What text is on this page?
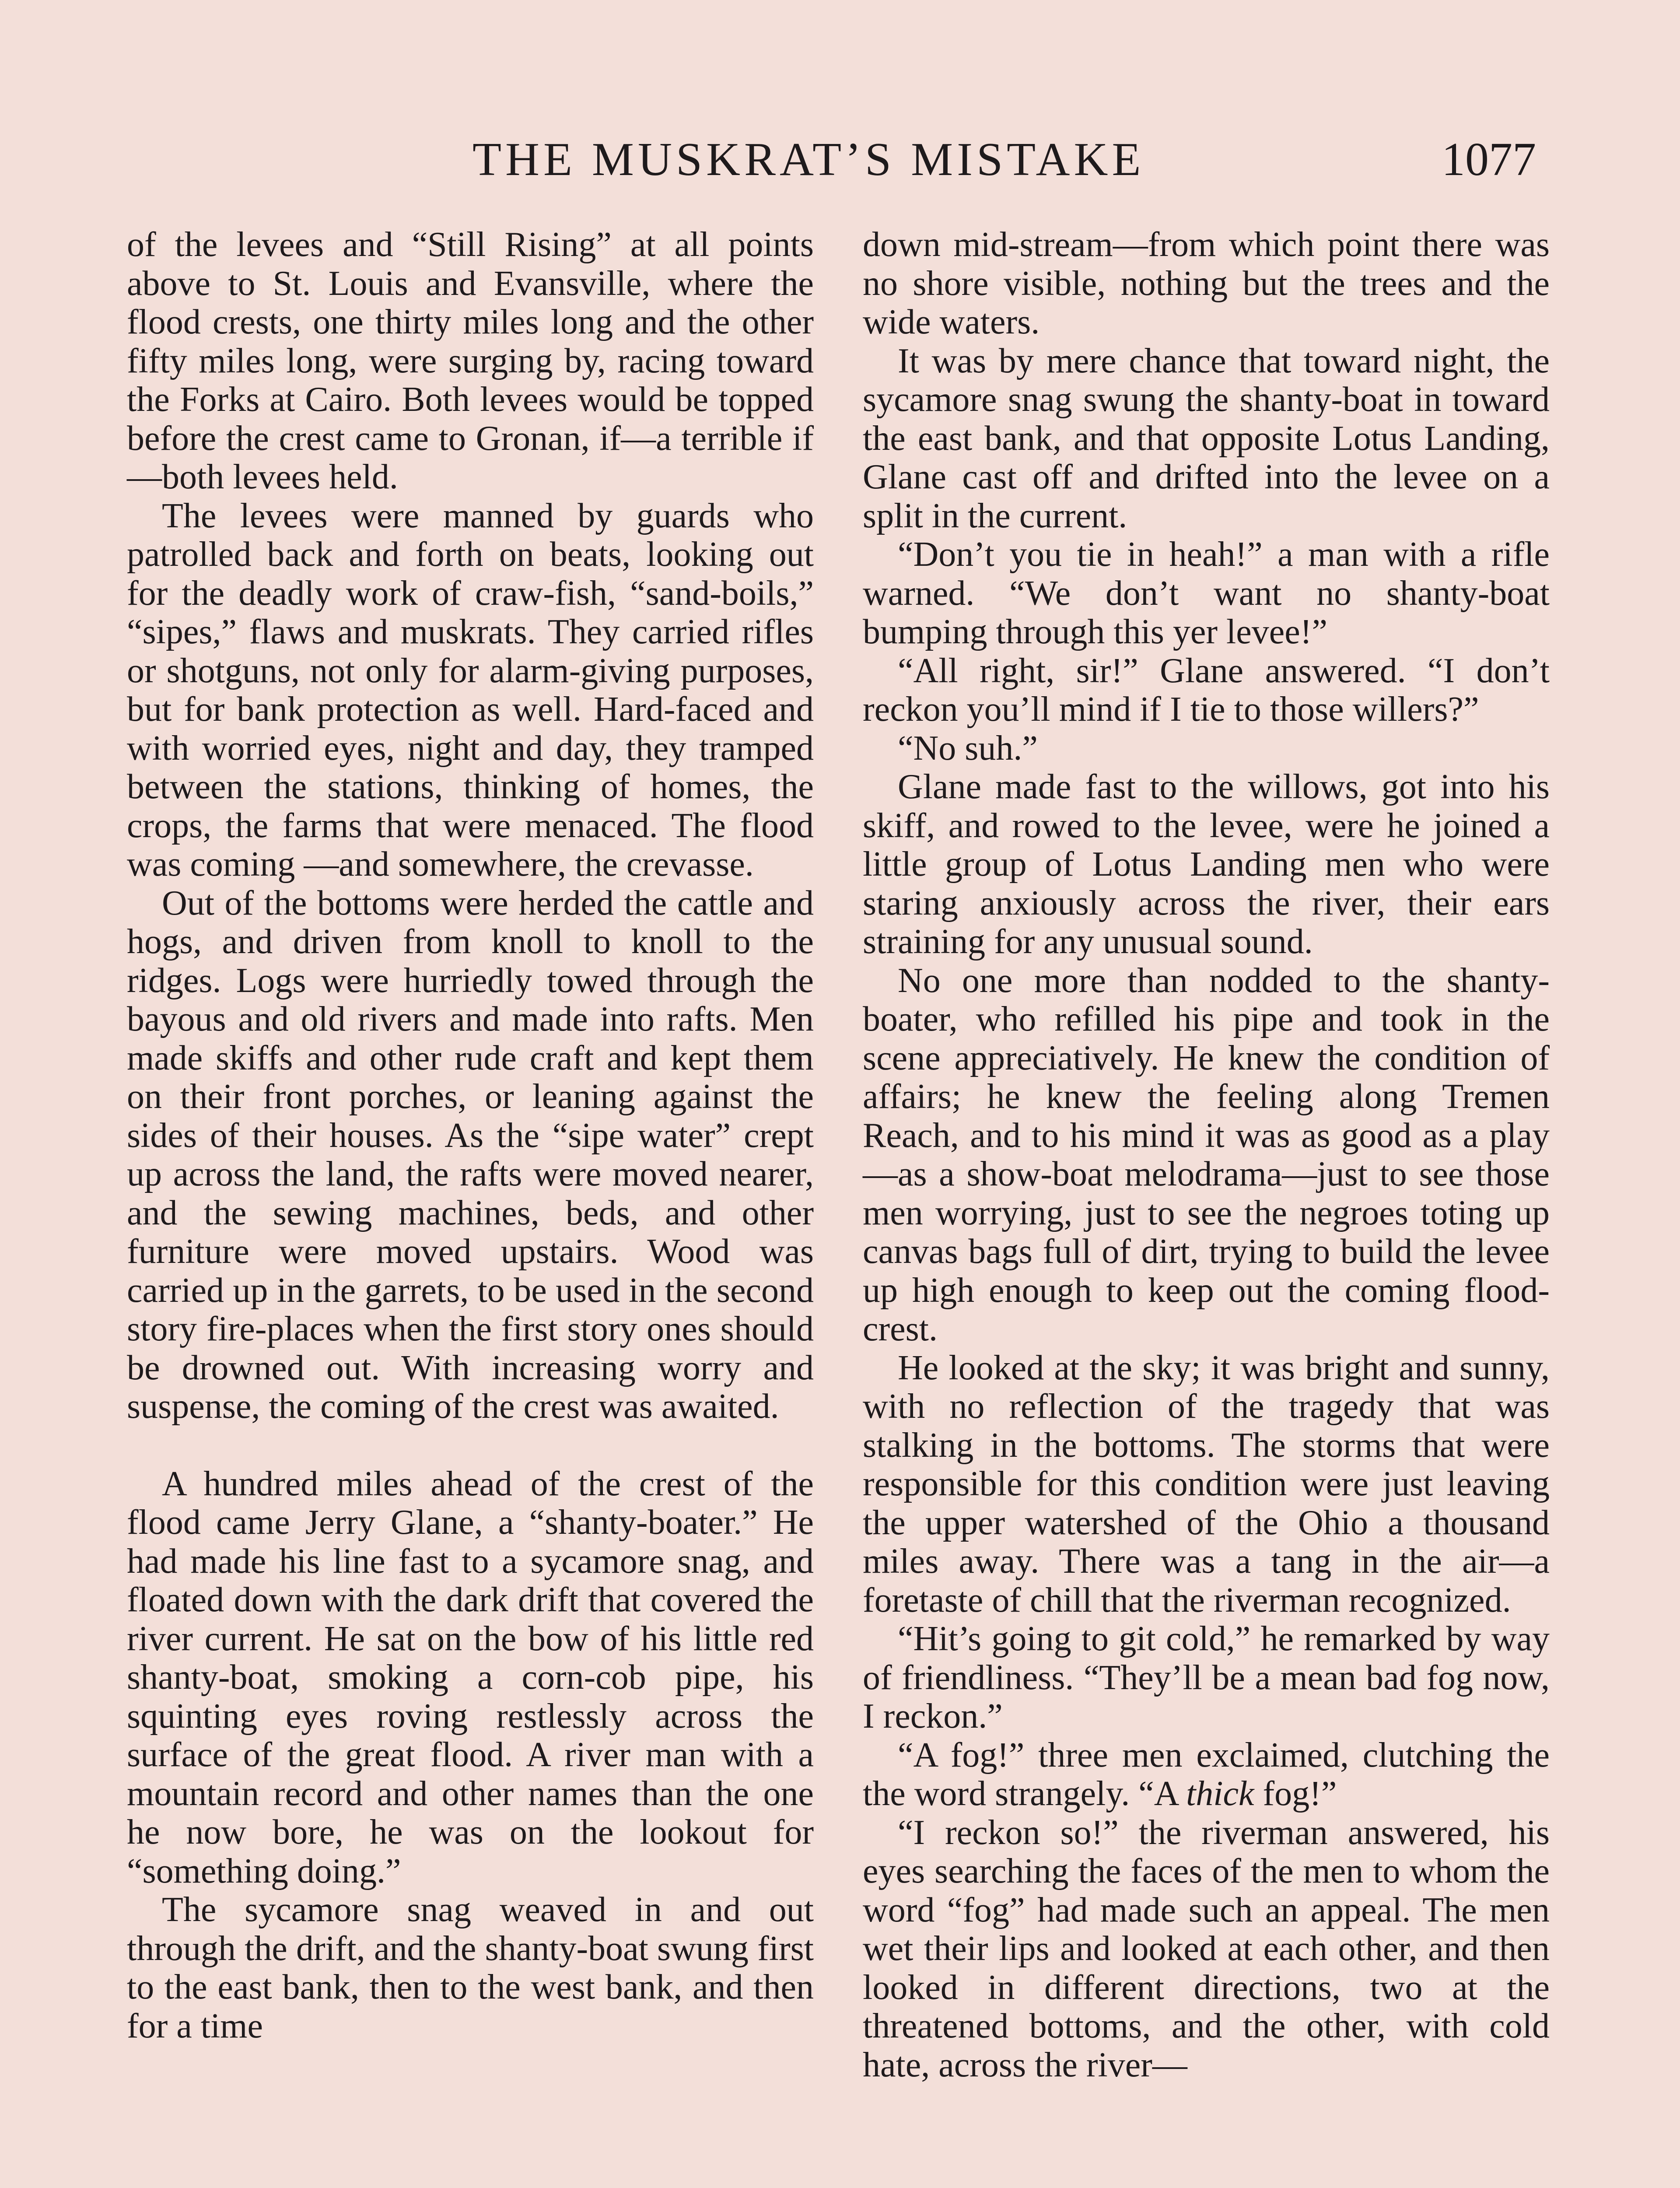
THE MUSKRAT’S MISTAKE	1077

of the levees and “Still Rising” at all points above to St. Louis and Evansville, where the flood crests, one thirty miles long and the other fifty miles long, were surging by, racing toward the Forks at Cairo. Both levees would be topped before the crest came to Gronan, if—a terrible if—both levees held.

The levees were manned by guards who patrolled back and forth on beats, looking out for the deadly work of craw-fish, “sand-boils,” “sipes,” flaws and muskrats. They carried rifles or shotguns, not only for alarm-giving purposes, but for bank protection as well. Hard-faced and with worried eyes, night and day, they tramped between the stations, thinking of homes, the crops, the farms that were menaced. The flood was coming —and somewhere, the crevasse.

Out of the bottoms were herded the cattle and hogs, and driven from knoll to knoll to the ridges. Logs were hurriedly towed through the bayous and old rivers and made into rafts. Men made skiffs and other rude craft and kept them on their front porches, or leaning against the sides of their houses. As the “sipe water” crept up across the land, the rafts were moved nearer, and the sewing machines, beds, and other furniture were moved upstairs. Wood was carried up in the garrets, to be used in the second story fire-places when the first story ones should be drowned out. With increasing worry and suspense, the coming of the crest was awaited.

A hundred miles ahead of the crest of the flood came Jerry Glane, a “shanty-boater.” He had made his line fast to a sycamore snag, and floated down with the dark drift that covered the river current. He sat on the bow of his little red shanty-boat, smoking a corn-cob pipe, his squinting eyes roving restlessly across the surface of the great flood. A river man with a mountain record and other names than the one he now bore, he was on the lookout for “something doing.”

The sycamore snag weaved in and out through the drift, and the shanty-boat swung first to the east bank, then to the west bank, and then for a time

down mid-stream—from which point there was no shore visible, nothing but the trees and the wide waters.

It was by mere chance that toward night, the sycamore snag swung the shanty-boat in toward the east bank, and that opposite Lotus Landing, Glane cast off and drifted into the levee on a split in the current.

“Don’t you tie in heah!” a man with a rifle warned. “We don’t want no shanty-boat bumping through this yer levee!”

“All right, sir!” Glane answered. “I don’t reckon you’ll mind if I tie to those willers?”

“No suh.”

Glane made fast to the willows, got into his skiff, and rowed to the levee, were he joined a little group of Lotus Landing men who were staring anxiously across the river, their ears straining for any unusual sound.

No one more than nodded to the shanty-boater, who refilled his pipe and took in the scene appreciatively. He knew the condition of affairs; he knew the feeling along Tremen Reach, and to his mind it was as good as a play—as a show-boat melodrama—just to see those men worrying, just to see the negroes toting up canvas bags full of dirt, trying to build the levee up high enough to keep out the coming flood-crest.

He looked at the sky; it was bright and sunny, with no reflection of the tragedy that was stalking in the bottoms. The storms that were responsible for this condition were just leaving the upper watershed of the Ohio a thousand miles away. There was a tang in the air—a foretaste of chill that the riverman recognized.

“Hit’s going to git cold,” he remarked by way of friendliness. “They’ll be a mean bad fog now, I reckon.”

“A fog!” three men exclaimed, clutching the the word strangely. “A thick fog!”

“I reckon so!” the riverman answered, his eyes searching the faces of the men to whom the word “fog” had made such an appeal. The men wet their lips and looked at each other, and then looked in different directions, two at the threatened bottoms, and the other, with cold hate, across the river—
